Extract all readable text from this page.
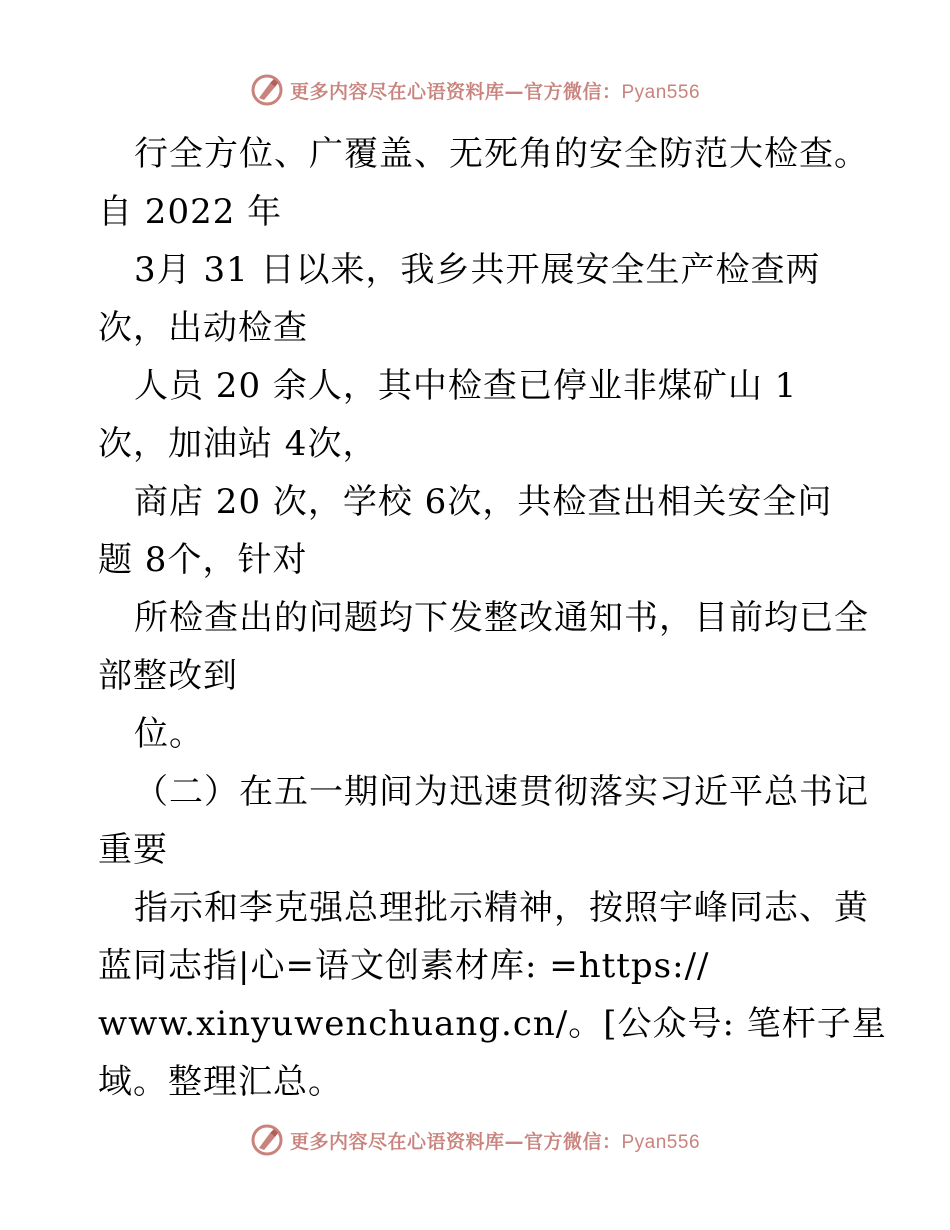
更多内容尽在心语资料库—官方微信：Pyan556
行全方位、广覆盖、无死角的安全防范大检查。
自 2022 年
3月 31 日以来，我乡共开展安全生产检查两
次，出动检查
人员 20 余人，其中检查已停业非煤矿山 1
次，加油站 4次，
商店 20 次，学校 6次，共检查出相关安全问
题 8个，针对
所检查出的问题均下发整改通知书，目前均已全
部整改到
位。
（二）在五一期间为迅速贯彻落实习近平总书记
重要
指示和李克强总理批示精神，按照宇峰同志、黄
蓝同志指|心=语文创素材库: =https://
www.xinyuwenchuang.cn/。[公众号: 笔杆子星
域。整理汇总。
更多内容尽在心语资料库—官方微信：Pyan556
